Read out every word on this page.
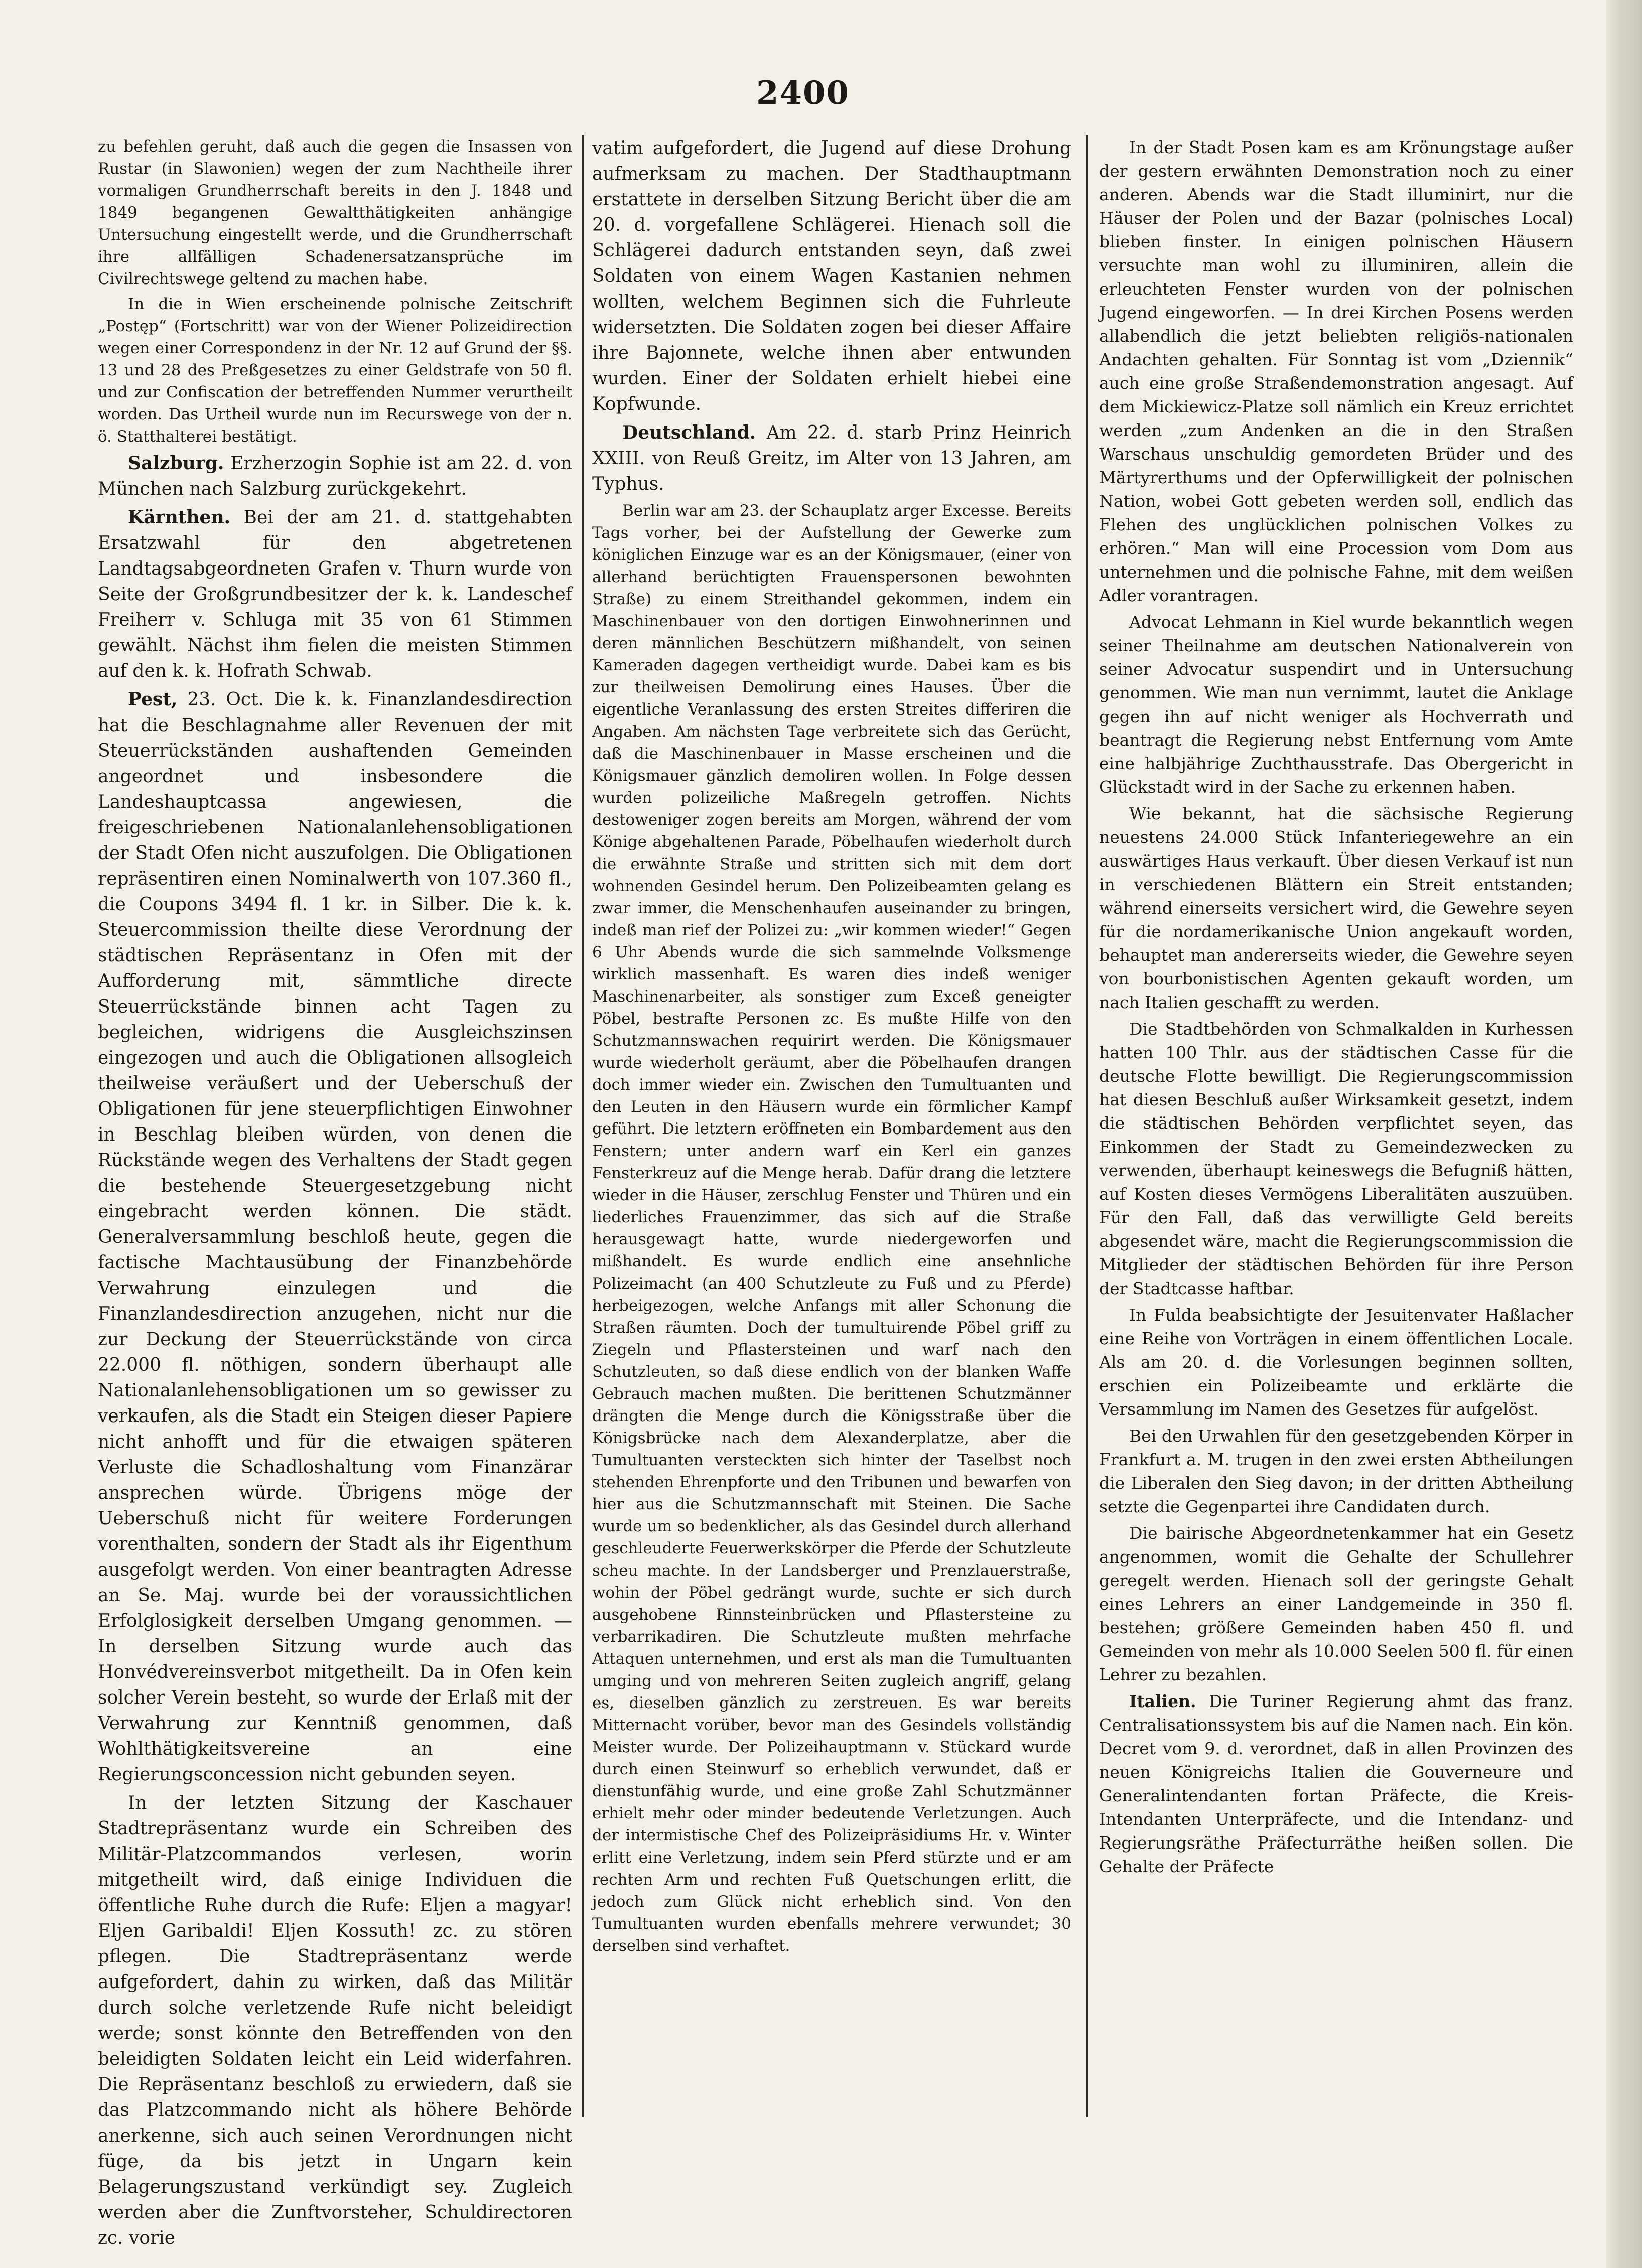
2400

zu befehlen geruht, daß auch die gegen die Insassen von Rustar (in Slawonien) wegen der zum Nachtheile ihrer vormaligen Grundherrschaft bereits in den J. 1848 und 1849 begangenen Gewaltthätigkeiten anhängige Untersuchung eingestellt werde, und die Grundherrschaft ihre allfälligen Schadenersatzansprüche im Civilrechtswege geltend zu machen habe.

In die in Wien erscheinende polnische Zeitschrift „Postęp“ (Fortschritt) war von der Wiener Polizeidirection wegen einer Correspondenz in der Nr. 12 auf Grund der §§. 13 und 28 des Preßgesetzes zu einer Geldstrafe von 50 fl. und zur Confiscation der betreffenden Nummer verurtheilt worden. Das Urtheil wurde nun im Recurswege von der n. ö. Statthalterei bestätigt.

Salzburg. Erzherzogin Sophie ist am 22. d. von München nach Salzburg zurückgekehrt.

Kärnthen. Bei der am 21. d. stattgehabten Ersatzwahl für den abgetretenen Landtagsabgeordneten Grafen v. Thurn wurde von Seite der Großgrundbesitzer der k. k. Landeschef Freiherr v. Schluga mit 35 von 61 Stimmen gewählt. Nächst ihm fielen die meisten Stimmen auf den k. k. Hofrath Schwab.

Pest, 23. Oct. Die k. k. Finanzlandesdirection hat die Beschlagnahme aller Revenuen der mit Steuerrückständen aushaftenden Gemeinden angeordnet und insbesondere die Landeshauptcassa angewiesen, die freigeschriebenen Nationalanlehensobligationen der Stadt Ofen nicht auszufolgen. Die Obligationen repräsentiren einen Nominalwerth von 107.360 fl., die Coupons 3494 fl. 1 kr. in Silber. Die k. k. Steuercommission theilte diese Verordnung der städtischen Repräsentanz in Ofen mit der Aufforderung mit, sämmtliche directe Steuerrückstände binnen acht Tagen zu begleichen, widrigens die Ausgleichszinsen eingezogen und auch die Obligationen allsogleich theilweise veräußert und der Ueberschuß der Obligationen für jene steuerpflichtigen Einwohner in Beschlag bleiben würden, von denen die Rückstände wegen des Verhaltens der Stadt gegen die bestehende Steuergesetzgebung nicht eingebracht werden können. Die städt. Generalversammlung beschloß heute, gegen die factische Machtausübung der Finanzbehörde Verwahrung einzulegen und die Finanzlandesdirection anzugehen, nicht nur die zur Deckung der Steuerrückstände von circa 22.000 fl. nöthigen, sondern überhaupt alle Nationalanlehensobligationen um so gewisser zu verkaufen, als die Stadt ein Steigen dieser Papiere nicht anhofft und für die etwaigen späteren Verluste die Schadloshaltung vom Finanzärar ansprechen würde. Übrigens möge der Ueberschuß nicht für weitere Forderungen vorenthalten, sondern der Stadt als ihr Eigenthum ausgefolgt werden. Von einer beantragten Adresse an Se. Maj. wurde bei der voraussichtlichen Erfolglosigkeit derselben Umgang genommen. — In derselben Sitzung wurde auch das Honvédvereinsverbot mitgetheilt. Da in Ofen kein solcher Verein besteht, so wurde der Erlaß mit der Verwahrung zur Kenntniß genommen, daß Wohlthätigkeitsvereine an eine Regierungsconcession nicht gebunden seyen.

In der letzten Sitzung der Kaschauer Stadtrepräsentanz wurde ein Schreiben des Militär-Platzcommandos verlesen, worin mitgetheilt wird, daß einige Individuen die öffentliche Ruhe durch die Rufe: Eljen a magyar! Eljen Garibaldi! Eljen Kossuth! zc. zu stören pflegen. Die Stadtrepräsentanz werde aufgefordert, dahin zu wirken, daß das Militär durch solche verletzende Rufe nicht beleidigt werde; sonst könnte den Betreffenden von den beleidigten Soldaten leicht ein Leid widerfahren. Die Repräsentanz beschloß zu erwiedern, daß sie das Platzcommando nicht als höhere Behörde anerkenne, sich auch seinen Verordnungen nicht füge, da bis jetzt in Ungarn kein Belagerungszustand verkündigt sey. Zugleich werden aber die Zunftvorsteher, Schuldirectoren zc. vorie

vatim aufgefordert, die Jugend auf diese Drohung aufmerksam zu machen. Der Stadthauptmann erstattete in derselben Sitzung Bericht über die am 20. d. vorgefallene Schlägerei. Hienach soll die Schlägerei dadurch entstanden seyn, daß zwei Soldaten von einem Wagen Kastanien nehmen wollten, welchem Beginnen sich die Fuhrleute widersetzten. Die Soldaten zogen bei dieser Affaire ihre Bajonnete, welche ihnen aber entwunden wurden. Einer der Soldaten erhielt hiebei eine Kopfwunde.

Deutschland. Am 22. d. starb Prinz Heinrich XXIII. von Reuß Greitz, im Alter von 13 Jahren, am Typhus.

Berlin war am 23. der Schauplatz arger Excesse. Bereits Tags vorher, bei der Aufstellung der Gewerke zum königlichen Einzuge war es an der Königsmauer, (einer von allerhand berüchtigten Frauenspersonen bewohnten Straße) zu einem Streithandel gekommen, indem ein Maschinenbauer von den dortigen Einwohnerinnen und deren männlichen Beschützern mißhandelt, von seinen Kameraden dagegen vertheidigt wurde. Dabei kam es bis zur theilweisen Demolirung eines Hauses. Über die eigentliche Veranlassung des ersten Streites differiren die Angaben. Am nächsten Tage verbreitete sich das Gerücht, daß die Maschinenbauer in Masse erscheinen und die Königsmauer gänzlich demoliren wollen. In Folge dessen wurden polizeiliche Maßregeln getroffen. Nichts destoweniger zogen bereits am Morgen, während der vom Könige abgehaltenen Parade, Pöbelhaufen wiederholt durch die erwähnte Straße und stritten sich mit dem dort wohnenden Gesindel herum. Den Polizeibeamten gelang es zwar immer, die Menschenhaufen auseinander zu bringen, indeß man rief der Polizei zu: „wir kommen wieder!“ Gegen 6 Uhr Abends wurde die sich sammelnde Volksmenge wirklich massenhaft. Es waren dies indeß weniger Maschinenarbeiter, als sonstiger zum Exceß geneigter Pöbel, bestrafte Personen zc. Es mußte Hilfe von den Schutzmannswachen requirirt werden. Die Königsmauer wurde wiederholt geräumt, aber die Pöbelhaufen drangen doch immer wieder ein. Zwischen den Tumultuanten und den Leuten in den Häusern wurde ein förmlicher Kampf geführt. Die letztern eröffneten ein Bombardement aus den Fenstern; unter andern warf ein Kerl ein ganzes Fensterkreuz auf die Menge herab. Dafür drang die letztere wieder in die Häuser, zerschlug Fenster und Thüren und ein liederliches Frauenzimmer, das sich auf die Straße herausgewagt hatte, wurde niedergeworfen und mißhandelt. Es wurde endlich eine ansehnliche Polizeimacht (an 400 Schutzleute zu Fuß und zu Pferde) herbeigezogen, welche Anfangs mit aller Schonung die Straßen räumten. Doch der tumultuirende Pöbel griff zu Ziegeln und Pflastersteinen und warf nach den Schutzleuten, so daß diese endlich von der blanken Waffe Gebrauch machen mußten. Die berittenen Schutzmänner drängten die Menge durch die Königsstraße über die Königsbrücke nach dem Alexanderplatze, aber die Tumultuanten versteckten sich hinter der Taselbst noch stehenden Ehrenpforte und den Tribunen und bewarfen von hier aus die Schutzmannschaft mit Steinen. Die Sache wurde um so bedenklicher, als das Gesindel durch allerhand geschleuderte Feuerwerkskörper die Pferde der Schutzleute scheu machte. In der Landsberger und Prenzlauerstraße, wohin der Pöbel gedrängt wurde, suchte er sich durch ausgehobene Rinnsteinbrücken und Pflastersteine zu verbarrikadiren. Die Schutzleute mußten mehrfache Attaquen unternehmen, und erst als man die Tumultuanten umging und von mehreren Seiten zugleich angriff, gelang es, dieselben gänzlich zu zerstreuen. Es war bereits Mitternacht vorüber, bevor man des Gesindels vollständig Meister wurde. Der Polizeihauptmann v. Stückard wurde durch einen Steinwurf so erheblich verwundet, daß er dienstunfähig wurde, und eine große Zahl Schutzmänner erhielt mehr oder minder bedeutende Verletzungen. Auch der intermistische Chef des Polizeipräsidiums Hr. v. Winter erlitt eine Verletzung, indem sein Pferd stürzte und er am rechten Arm und rechten Fuß Quetschungen erlitt, die jedoch zum Glück nicht erheblich sind. Von den Tumultuanten wurden ebenfalls mehrere verwundet; 30 derselben sind verhaftet.

In der Stadt Posen kam es am Krönungstage außer der gestern erwähnten Demonstration noch zu einer anderen. Abends war die Stadt illuminirt, nur die Häuser der Polen und der Bazar (polnisches Local) blieben finster. In einigen polnischen Häusern versuchte man wohl zu illuminiren, allein die erleuchteten Fenster wurden von der polnischen Jugend eingeworfen. — In drei Kirchen Posens werden allabendlich die jetzt beliebten religiös-nationalen Andachten gehalten. Für Sonntag ist vom „Dziennik“ auch eine große Straßendemonstration angesagt. Auf dem Mickiewicz-Platze soll nämlich ein Kreuz errichtet werden „zum Andenken an die in den Straßen Warschaus unschuldig gemordeten Brüder und des Märtyrerthums und der Opferwilligkeit der polnischen Nation, wobei Gott gebeten werden soll, endlich das Flehen des unglücklichen polnischen Volkes zu erhören.“ Man will eine Procession vom Dom aus unternehmen und die polnische Fahne, mit dem weißen Adler vorantragen.

Advocat Lehmann in Kiel wurde bekanntlich wegen seiner Theilnahme am deutschen Nationalverein von seiner Advocatur suspendirt und in Untersuchung genommen. Wie man nun vernimmt, lautet die Anklage gegen ihn auf nicht weniger als Hochverrath und beantragt die Regierung nebst Entfernung vom Amte eine halbjährige Zuchthausstrafe. Das Obergericht in Glückstadt wird in der Sache zu erkennen haben.

Wie bekannt, hat die sächsische Regierung neuestens 24.000 Stück Infanteriegewehre an ein auswärtiges Haus verkauft. Über diesen Verkauf ist nun in verschiedenen Blättern ein Streit entstanden; während einerseits versichert wird, die Gewehre seyen für die nordamerikanische Union angekauft worden, behauptet man andererseits wieder, die Gewehre seyen von bourbonistischen Agenten gekauft worden, um nach Italien geschafft zu werden.

Die Stadtbehörden von Schmalkalden in Kurhessen hatten 100 Thlr. aus der städtischen Casse für die deutsche Flotte bewilligt. Die Regierungscommission hat diesen Beschluß außer Wirksamkeit gesetzt, indem die städtischen Behörden verpflichtet seyen, das Einkommen der Stadt zu Gemeindezwecken zu verwenden, überhaupt keineswegs die Befugniß hätten, auf Kosten dieses Vermögens Liberalitäten auszuüben. Für den Fall, daß das verwilligte Geld bereits abgesendet wäre, macht die Regierungscommission die Mitglieder der städtischen Behörden für ihre Person der Stadtcasse haftbar.

In Fulda beabsichtigte der Jesuitenvater Haßlacher eine Reihe von Vorträgen in einem öffentlichen Locale. Als am 20. d. die Vorlesungen beginnen sollten, erschien ein Polizeibeamte und erklärte die Versammlung im Namen des Gesetzes für aufgelöst.

Bei den Urwahlen für den gesetzgebenden Körper in Frankfurt a. M. trugen in den zwei ersten Abtheilungen die Liberalen den Sieg davon; in der dritten Abtheilung setzte die Gegenpartei ihre Candidaten durch.

Die bairische Abgeordnetenkammer hat ein Gesetz angenommen, womit die Gehalte der Schullehrer geregelt werden. Hienach soll der geringste Gehalt eines Lehrers an einer Landgemeinde in 350 fl. bestehen; größere Gemeinden haben 450 fl. und Gemeinden von mehr als 10.000 Seelen 500 fl. für einen Lehrer zu bezahlen.

Italien. Die Turiner Regierung ahmt das franz. Centralisationssystem bis auf die Namen nach. Ein kön. Decret vom 9. d. verordnet, daß in allen Provinzen des neuen Königreichs Italien die Gouverneure und Generalintendanten fortan Präfecte, die Kreis-Intendanten Unterpräfecte, und die Intendanz- und Regierungsräthe Präfecturräthe heißen sollen. Die Gehalte der Präfecte
